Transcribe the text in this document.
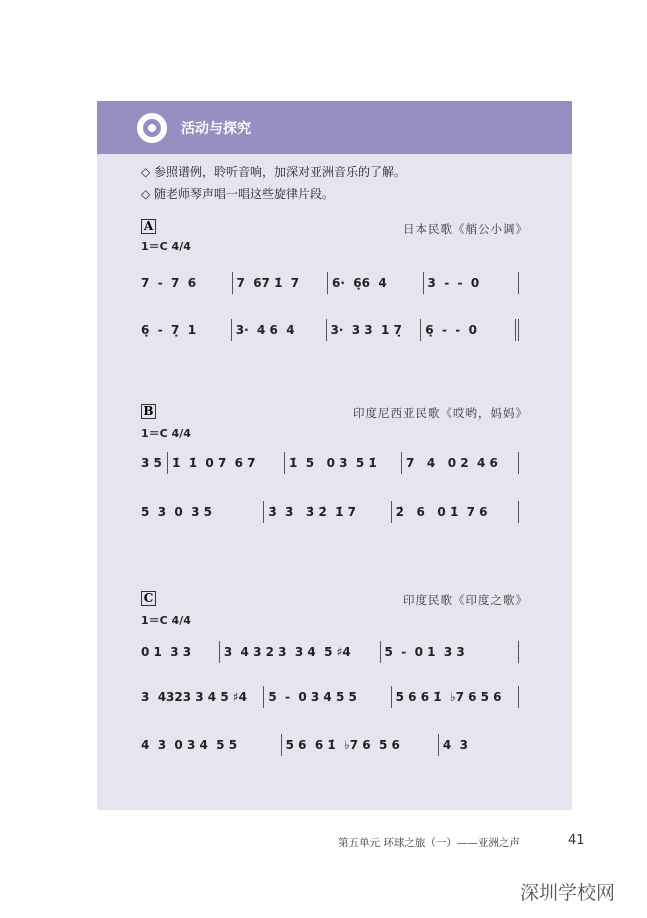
活动与探究
◇ 参照谱例，聆听音响，加深对亚洲音乐的了解。
◇ 随老师琴声唱一唱这些旋律片段。
A	日本民歌《艄公小调》
1＝C 4/4
7  -  7  6	7  67 1̇  7	6·  6̣6  4	3  -  -  0
6̣  -  7̣  1	3·  4 6  4	3·  3 3  1 7̣	6̣  -  -  0
B	印度尼西亚民歌《哎哟，妈妈》
1＝C 4/4
3 5 1̇  1̇  0 7  6 7	1̇  5   0 3  5 1̇	7   4   0 2  4 6
5  3  0  3 5	3̇  3̇   3̇ 2̇  1̇ 7	2̇   6   0 1̇  7 6
C	印度民歌《印度之歌》
1＝C 4/4
0 1  3 3	3  4 3 2 3  3 4  5 ♯4	5  -  0 1  3 3
3  4323 3 4 5 ♯4	5  -  0 3 4 5 5	5 6 6 1̇  ♭7 6 5 6
4  3  0 3 4  5 5	5 6  6 1̇  ♭7 6  5 6	4  3
第五单元 环球之旅（一）——亚洲之声	41
深圳学校网
